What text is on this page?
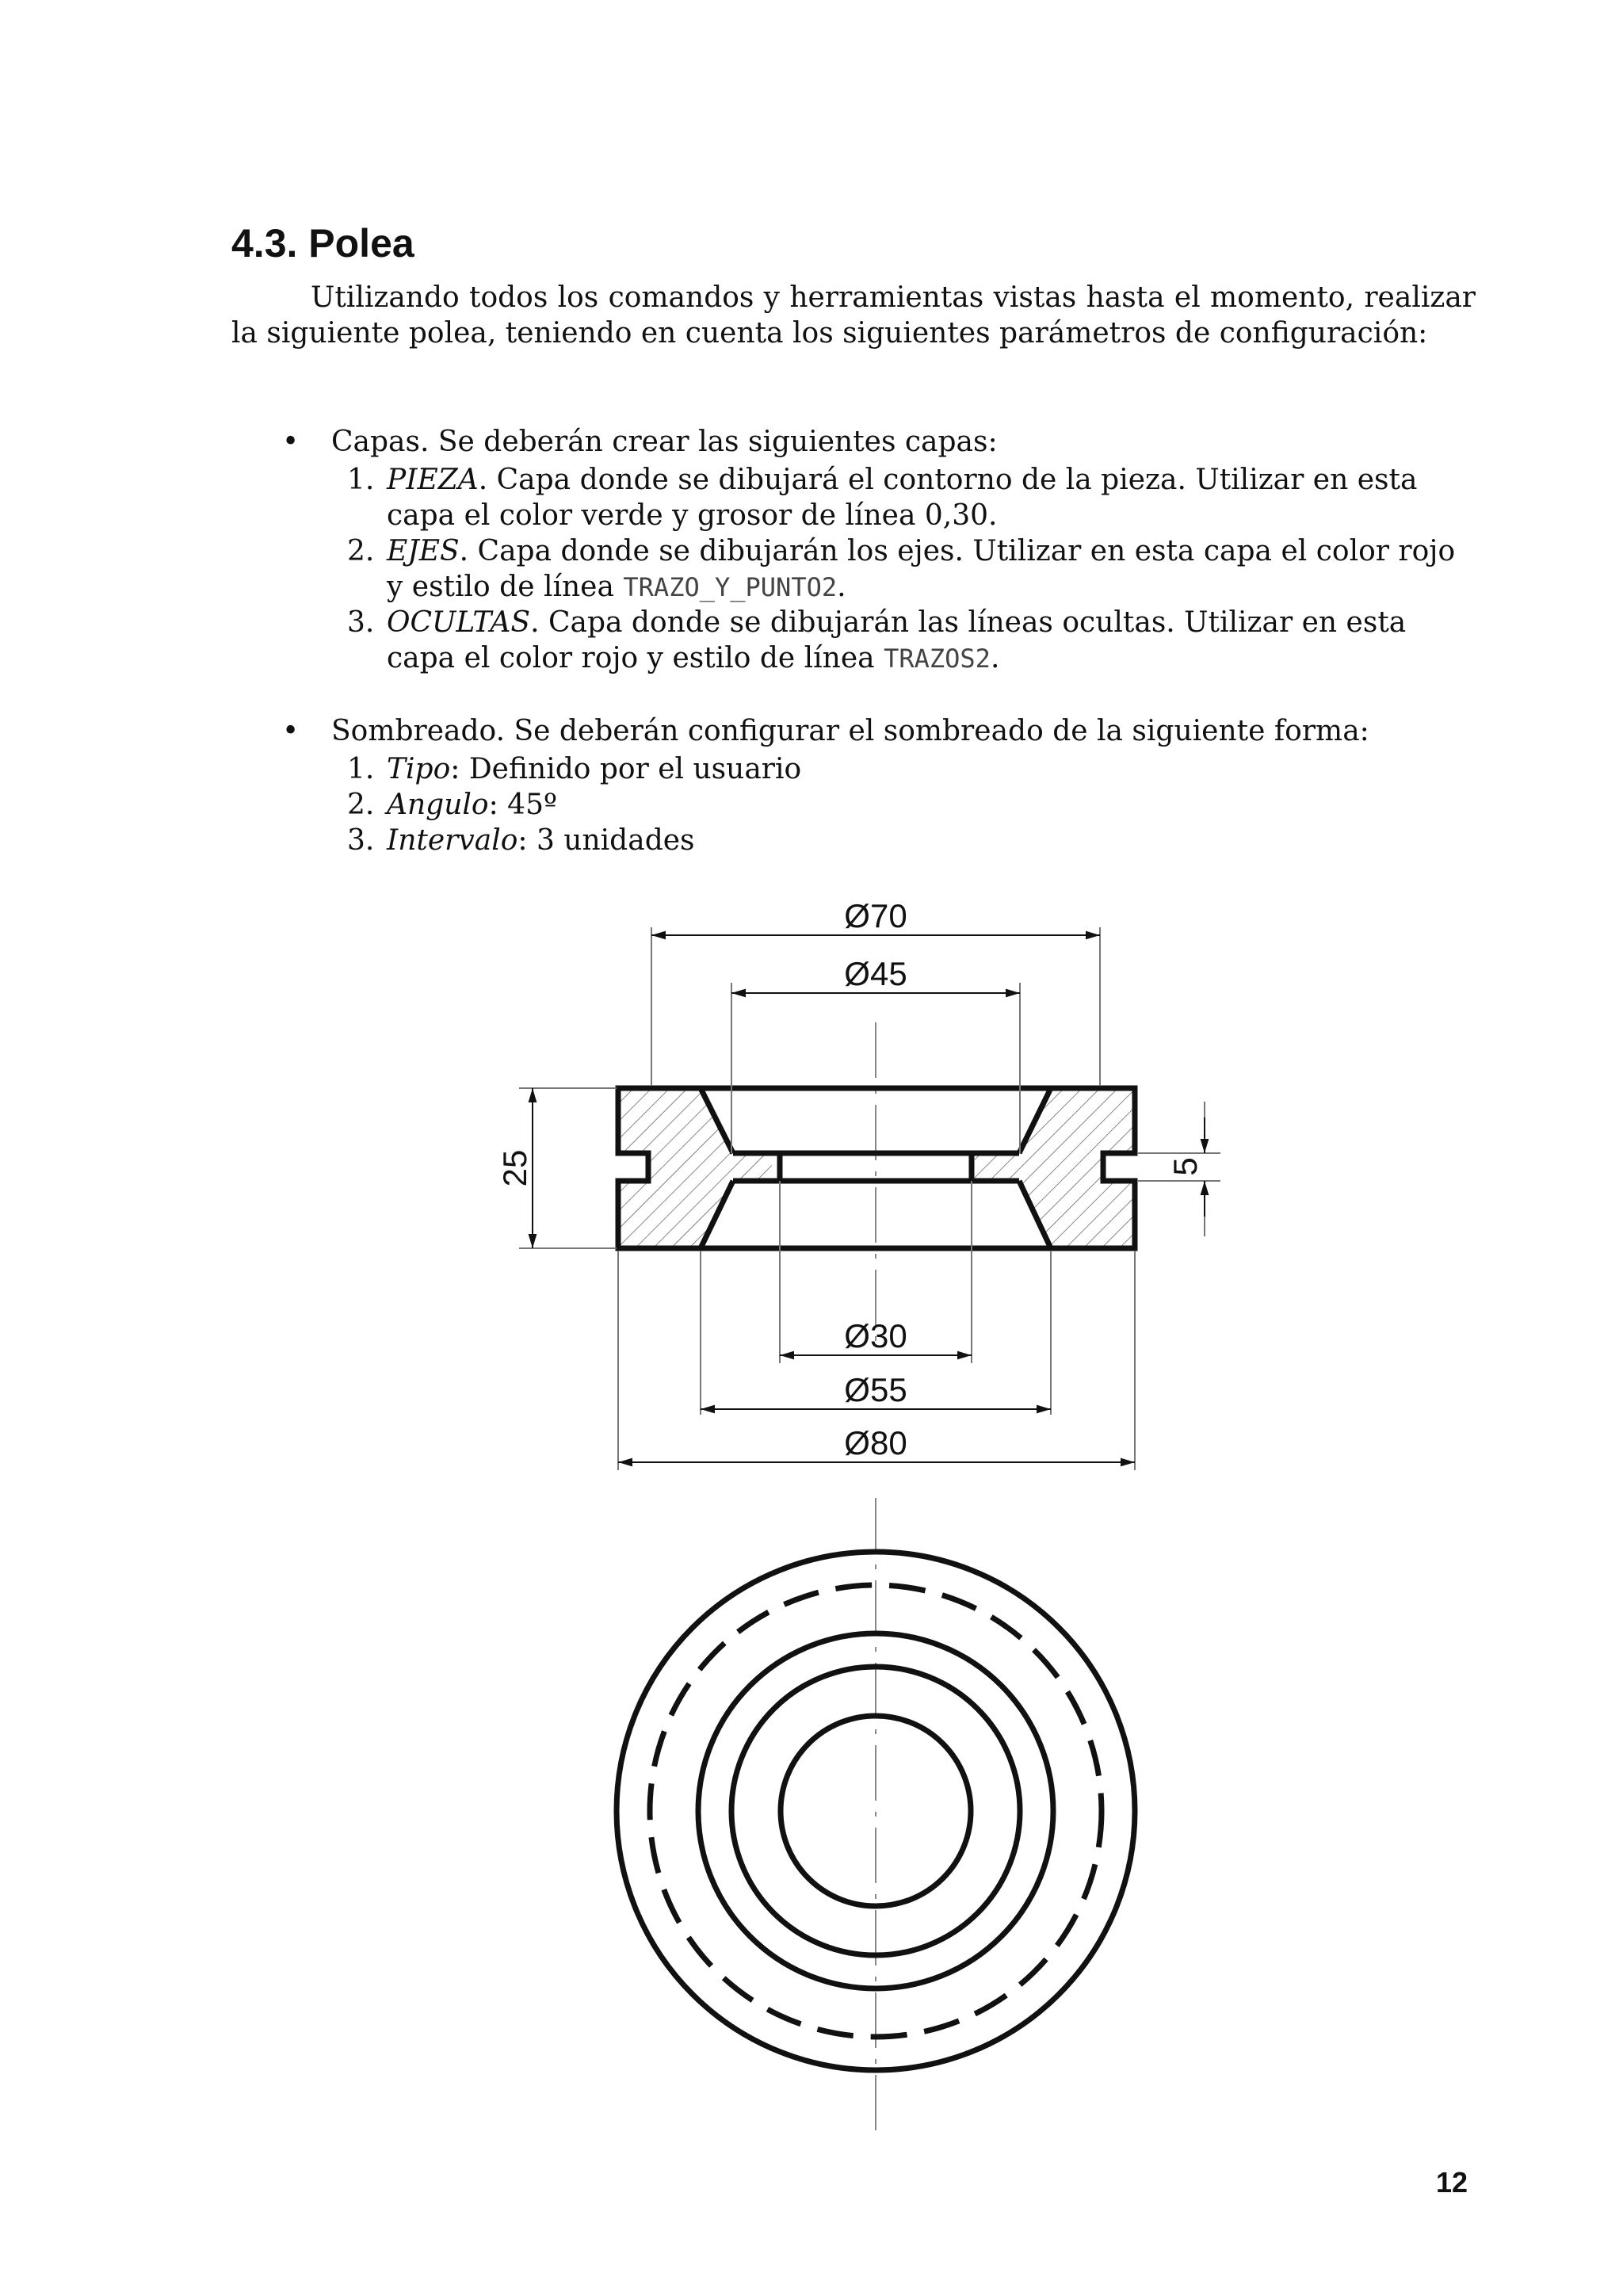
4.3. Polea
Utilizando todos los comandos y herramientas vistas hasta el momento, realizar la siguiente polea, teniendo en cuenta los siguientes parámetros de configuración:
• Capas. Se deberán crear las siguientes capas:
1. PIEZA. Capa donde se dibujará el contorno de la pieza. Utilizar en esta
capa el color verde y grosor de línea 0,30.
2. EJES. Capa donde se dibujarán los ejes. Utilizar en esta capa el color rojo
y estilo de línea TRAZO_Y_PUNTO2.
3. OCULTAS. Capa donde se dibujarán las líneas ocultas. Utilizar en esta
capa el color rojo y estilo de línea TRAZOS2.
• Sombreado. Se deberán configurar el sombreado de la siguiente forma:
1. Tipo: Definido por el usuario
2. Angulo: 45º
3. Intervalo: 3 unidades
Ø70
Ø45
Ø30
Ø55
Ø80
25	5
12
